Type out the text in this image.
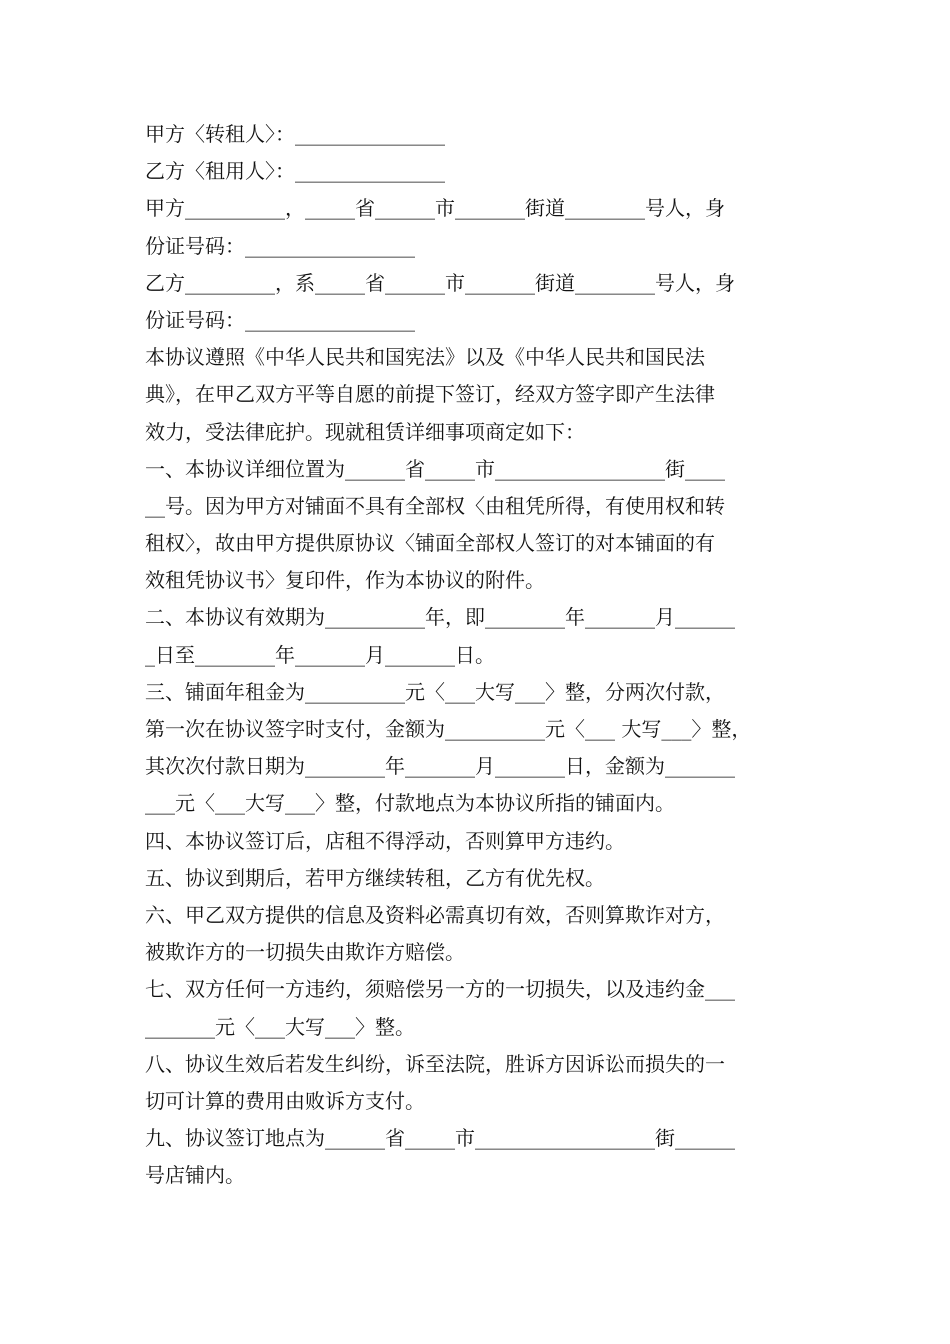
甲方〈转租人〉：_______________
乙方〈租用人〉：_______________
甲方__________，_____省______市_______街道________号人，身
份证号码：_________________
乙方_________，系_____省______市_______街道________号人，身
份证号码：_________________
本协议遵照《中华人民共和国宪法》以及《中华人民共和国民法
典》，在甲乙双方平等自愿的前提下签订，经双方签字即产生法律
效力，受法律庇护。现就租赁详细事项商定如下：
一、本协议详细位置为______省_____市_________________街____
__号。因为甲方对铺面不具有全部权〈由租凭所得，有使用权和转
租权〉，故由甲方提供原协议〈铺面全部权人签订的对本铺面的有
效租凭协议书〉复印件，作为本协议的附件。
二、本协议有效期为__________年，即________年_______月______
_日至________年_______月_______日。
三、铺面年租金为__________元〈___大写___〉整，分两次付款，
第一次在协议签字时支付，金额为__________元〈___ 大写___〉整，
其次次付款日期为________年_______月_______日，金额为_______
___元〈___大写___〉整，付款地点为本协议所指的铺面内。
四、本协议签订后，店租不得浮动，否则算甲方违约。
五、协议到期后，若甲方继续转租，乙方有优先权。
六、甲乙双方提供的信息及资料必需真切有效，否则算欺诈对方，
被欺诈方的一切损失由欺诈方赔偿。
七、双方任何一方违约，须赔偿另一方的一切损失，以及违约金___
_______元〈___大写___〉整。
八、协议生效后若发生纠纷，诉至法院，胜诉方因诉讼而损失的一
切可计算的费用由败诉方支付。
九、协议签订地点为______省_____市__________________街______
号店铺内。
